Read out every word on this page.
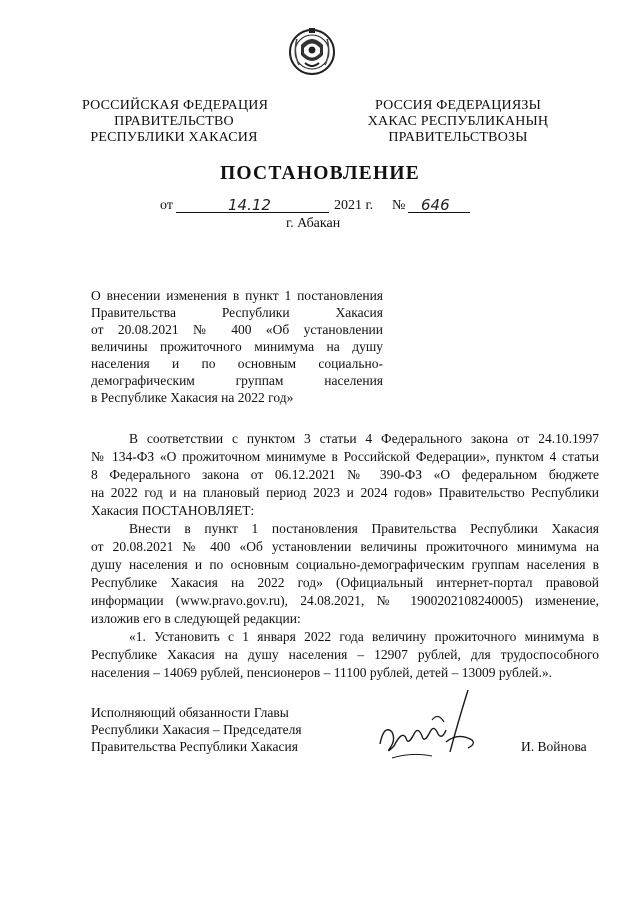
РОССИЙСКАЯ ФЕДЕРАЦИЯ
ПРАВИТЕЛЬСТВО
РЕСПУБЛИКИ ХАКАСИЯ
РОССИЯ ФЕДЕРАЦИЯЗЫ
ХАКАС РЕСПУБЛИКАНЫҢ
ПРАВИТЕЛЬСТВОЗЫ
ПОСТАНОВЛЕНИЕ
от	14.12	2021 г. № 646
г. Абакан
О внесении изменения в пункт 1 постановления
Правительства Республики Хакасия
от 20.08.2021 № 400 «Об установлении
величины прожиточного минимума на душу
населения и по основным социально-
демографическим группам населения
в Республике Хакасия на 2022 год»
В соответствии с пунктом 3 статьи 4 Федерального закона от 24.10.1997
№ 134-ФЗ «О прожиточном минимуме в Российской Федерации», пунктом 4 статьи
8 Федерального закона от 06.12.2021 № 390-ФЗ «О федеральном бюджете
на 2022 год и на плановый период 2023 и 2024 годов» Правительство Республики
Хакасия ПОСТАНОВЛЯЕТ:
Внести в пункт 1 постановления Правительства Республики Хакасия
от 20.08.2021 № 400 «Об установлении величины прожиточного минимума на
душу населения и по основным социально-демографическим группам населения в
Республике Хакасия на 2022 год» (Официальный интернет-портал правовой
информации (www.pravo.gov.ru), 24.08.2021, № 1900202108240005) изменение,
изложив его в следующей редакции:
«1. Установить с 1 января 2022 года величину прожиточного минимума в
Республике Хакасия на душу населения – 12907 рублей, для трудоспособного
населения – 14069 рублей, пенсионеров – 11100 рублей, детей – 13009 рублей.».
Исполняющий обязанности Главы
Республики Хакасия – Председателя
Правительства Республики Хакасия	И. Войнова
